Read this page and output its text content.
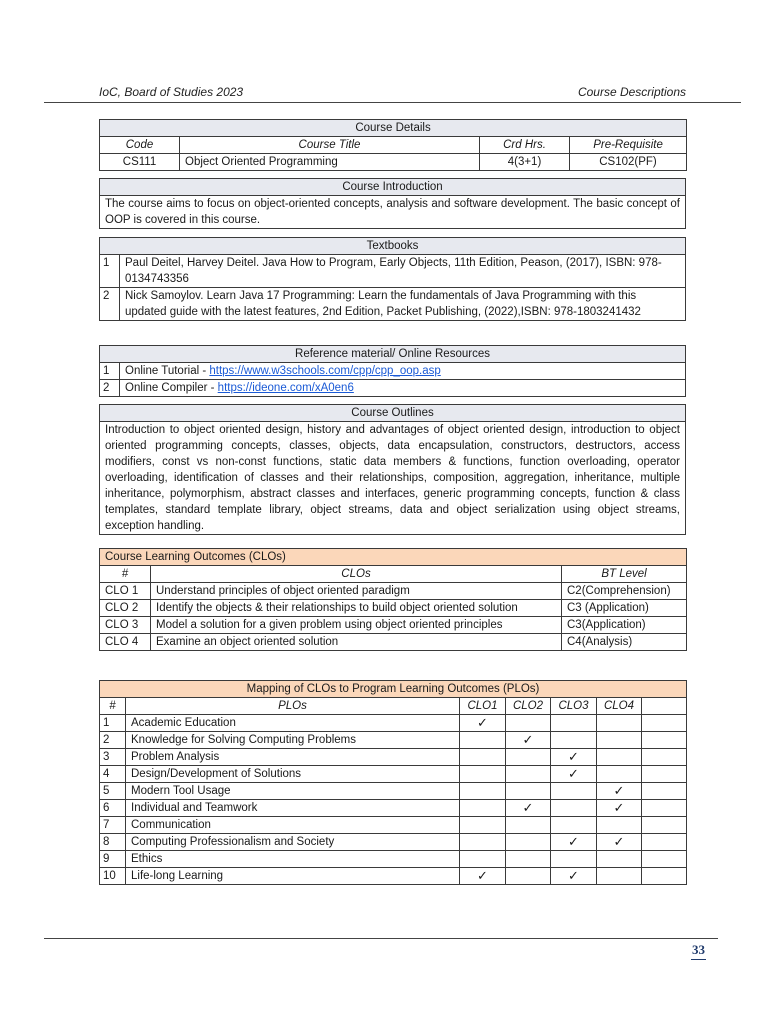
IoC, Board of Studies 2023	Course Descriptions
Course Details			
Code	Course Title	Crd Hrs.	Pre-Requisite
CS111	Object Oriented Programming	4(3+1)	CS102(PF)
Course Introduction
The course aims to focus on object-oriented concepts, analysis and software development. The basic concept of OOP is covered in this course.
Textbooks	
1	Paul Deitel, Harvey Deitel. Java How to Program, Early Objects, 11th Edition, Peason, (2017), ISBN: 978-0134743356
2	Nick Samoylov. Learn Java 17 Programming: Learn the fundamentals of Java Programming with this updated guide with the latest features, 2nd Edition, Packet Publishing, (2022),ISBN: 978-1803241432
Reference material/ Online Resources	
1	Online Tutorial - https://www.w3schools.com/cpp/cpp_oop.asp
2	Online Compiler - https://ideone.com/xA0en6
Course Outlines
Introduction to object oriented design, history and advantages of object oriented design, introduction to object oriented programming concepts, classes, objects, data encapsulation, constructors, destructors, access modifiers, const vs non-const functions, static data members & functions, function overloading, operator overloading, identification of classes and their relationships, composition, aggregation, inheritance, multiple inheritance, polymorphism, abstract classes and interfaces, generic programming concepts, function & class templates, standard template library, object streams, data and object serialization using object streams, exception handling.
Course Learning Outcomes (CLOs)		
#	CLOs	BT Level
CLO 1	Understand principles of object oriented paradigm	C2(Comprehension)
CLO 2	Identify the objects & their relationships to build object oriented solution	C3 (Application)
CLO 3	Model a solution for a given problem using object oriented principles	C3(Application)
CLO 4	Examine an object oriented solution	C4(Analysis)
Mapping of CLOs to Program Learning Outcomes (PLOs)						
#	PLOs	CLO1	CLO2	CLO3	CLO4	
1	Academic Education	✓				
2	Knowledge for Solving Computing Problems		✓			
3	Problem Analysis			✓		
4	Design/Development of Solutions			✓		
5	Modern Tool Usage				✓	
6	Individual and Teamwork		✓		✓	
7	Communication					
8	Computing Professionalism and Society			✓	✓	
9	Ethics					
10	Life-long Learning	✓		✓		
33
